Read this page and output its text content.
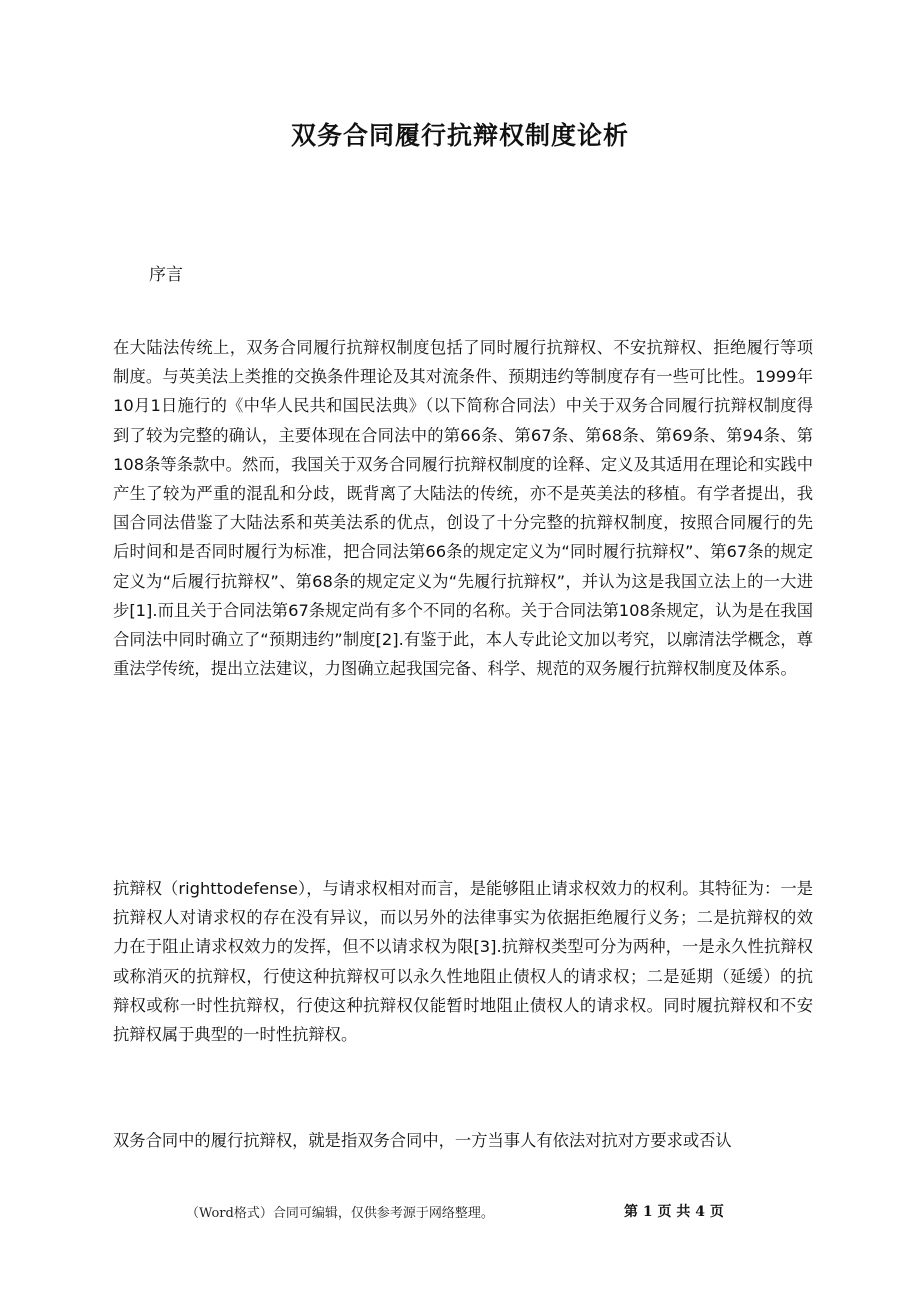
双务合同履行抗辩权制度论析

序言

在大陆法传统上，双务合同履行抗辩权制度包括了同时履行抗辩权、不安抗辩权、拒绝履行等项制度。与英美法上类推的交换条件理论及其对流条件、预期违约等制度存有一些可比性。1999年10月1日施行的《中华人民共和国民法典》（以下简称合同法）中关于双务合同履行抗辩权制度得到了较为完整的确认，主要体现在合同法中的第66条、第67条、第68条、第69条、第94条、第108条等条款中。然而，我国关于双务合同履行抗辩权制度的诠释、定义及其适用在理论和实践中产生了较为严重的混乱和分歧，既背离了大陆法的传统，亦不是英美法的移植。有学者提出，我国合同法借鉴了大陆法系和英美法系的优点，创设了十分完整的抗辩权制度，按照合同履行的先后时间和是否同时履行为标准，把合同法第66条的规定定义为“同时履行抗辩权”、第67条的规定定义为“后履行抗辩权”、第68条的规定定义为“先履行抗辩权”，并认为这是我国立法上的一大进步[1].而且关于合同法第67条规定尚有多个不同的名称。关于合同法第108条规定，认为是在我国合同法中同时确立了“预期违约”制度[2].有鉴于此，本人专此论文加以考究，以廓清法学概念，尊重法学传统，提出立法建议，力图确立起我国完备、科学、规范的双务履行抗辩权制度及体系。

抗辩权（righttodefense），与请求权相对而言，是能够阻止请求权效力的权利。其特征为：一是抗辩权人对请求权的存在没有异议，而以另外的法律事实为依据拒绝履行义务；二是抗辩权的效力在于阻止请求权效力的发挥，但不以请求权为限[3].抗辩权类型可分为两种，一是永久性抗辩权或称消灭的抗辩权，行使这种抗辩权可以永久性地阻止债权人的请求权；二是延期（延缓）的抗辩权或称一时性抗辩权，行使这种抗辩权仅能暂时地阻止债权人的请求权。同时履抗辩权和不安抗辩权属于典型的一时性抗辩权。

双务合同中的履行抗辩权，就是指双务合同中，一方当事人有依法对抗对方要求或否认

（Word格式）合同可编辑，仅供参考源于网络整理。	第 1 页 共 4 页
